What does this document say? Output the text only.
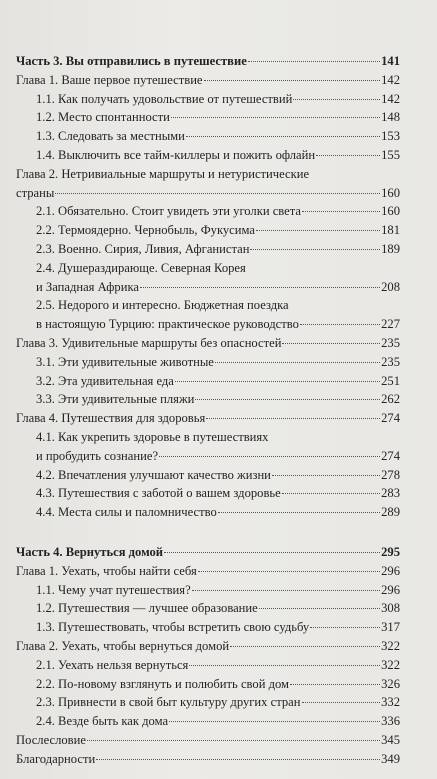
Часть 3. Вы отправились в путешествие	141
Глава 1. Ваше первое путешествие	142
1.1. Как получать удовольствие от путешествий	142
1.2. Место спонтанности	148
1.3. Следовать за местными	153
1.4. Выключить все тайм-киллеры и пожить офлайн	155
Глава 2. Нетривиальные маршруты и нетуристические
страны	160
2.1. Обязательно. Стоит увидеть эти уголки света	160
2.2. Термоядерно. Чернобыль, Фукусима	181
2.3. Военно. Сирия, Ливия, Афганистан	189
2.4. Душераздирающе. Северная Корея
и Западная Африка	208
2.5. Недорого и интересно. Бюджетная поездка
в настоящую Турцию: практическое руководство	227
Глава 3. Удивительные маршруты без опасностей	235
3.1. Эти удивительные животные	235
3.2. Эта удивительная еда	251
3.3. Эти удивительные пляжи	262
Глава 4. Путешествия для здоровья	274
4.1. Как укрепить здоровье в путешествиях
и пробудить сознание?	274
4.2. Впечатления улучшают качество жизни	278
4.3. Путешествия с заботой о вашем здоровье	283
4.4. Места силы и паломничество	289
Часть 4. Вернуться домой	295
Глава 1. Уехать, чтобы найти себя	296
1.1. Чему учат путешествия?	296
1.2. Путешествия — лучшее образование	308
1.3. Путешествовать, чтобы встретить свою судьбу	317
Глава 2. Уехать, чтобы вернуться домой	322
2.1. Уехать нельзя вернуться	322
2.2. По-новому взглянуть и полюбить свой дом	326
2.3. Привнести в свой быт культуру других стран	332
2.4. Везде быть как дома	336
Послесловие	345
Благодарности	349
